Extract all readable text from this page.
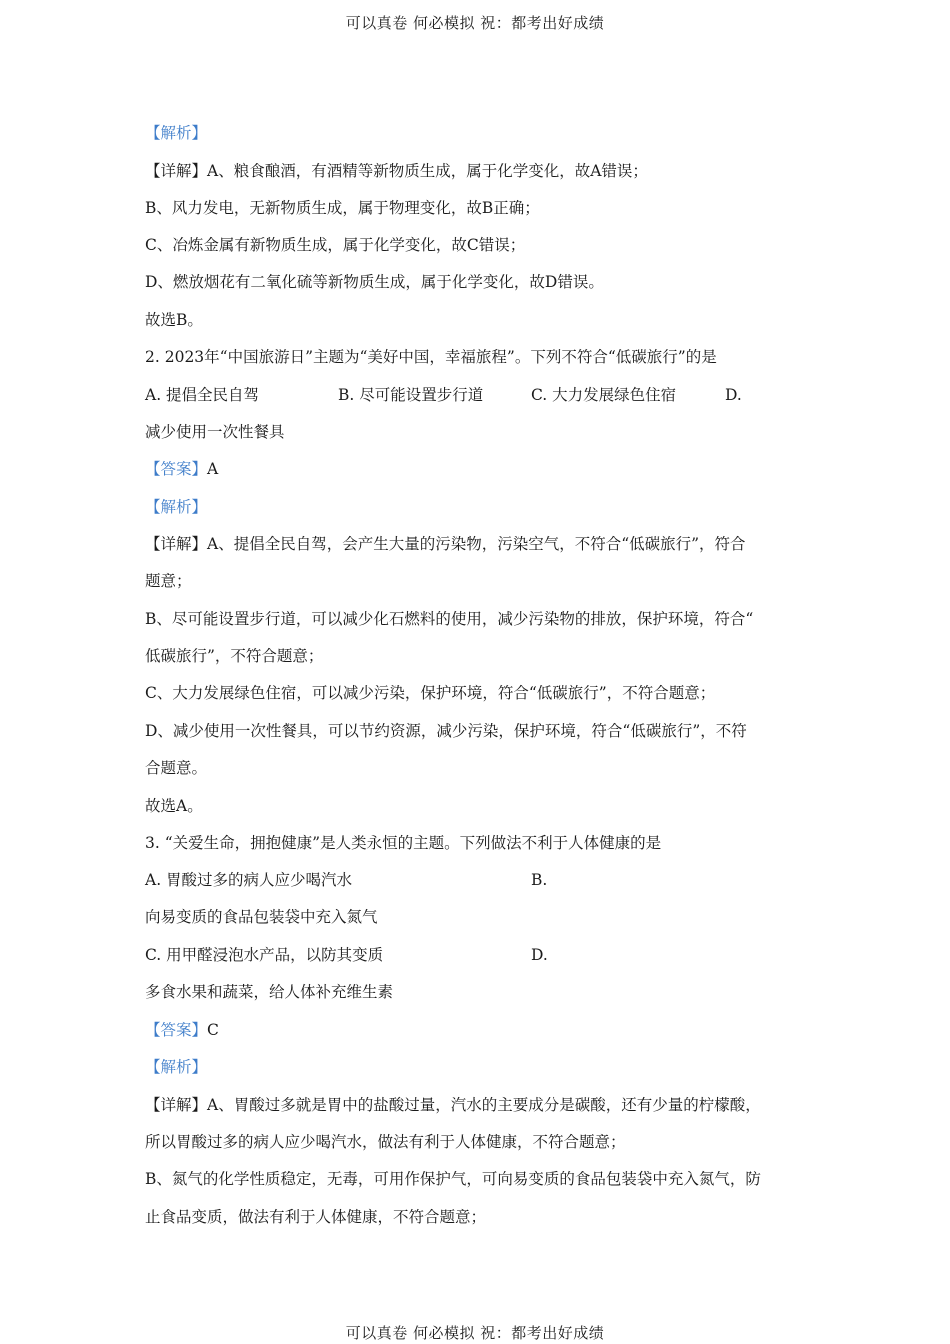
可以真卷 何必模拟 祝：都考出好成绩
【解析】
【详解】A、粮食酿酒，有酒精等新物质生成，属于化学变化，故A错误；
B、风力发电，无新物质生成，属于物理变化，故B正确；
C、冶炼金属有新物质生成，属于化学变化，故C错误；
D、燃放烟花有二氧化硫等新物质生成，属于化学变化，故D错误。
故选B。
2. 2023年“中国旅游日”主题为“美好中国，幸福旅程”。下列不符合“低碳旅行”的是
A. 提倡全民自驾	B. 尽可能设置步行道	C. 大力发展绿色住宿	D.
减少使用一次性餐具
【答案】A
【解析】
【详解】A、提倡全民自驾，会产生大量的污染物，污染空气，不符合“低碳旅行”，符合
题意；
B、尽可能设置步行道，可以减少化石燃料的使用，减少污染物的排放，保护环境，符合“
低碳旅行”，不符合题意；
C、大力发展绿色住宿，可以减少污染，保护环境，符合“低碳旅行”，不符合题意；
D、减少使用一次性餐具，可以节约资源，减少污染，保护环境，符合“低碳旅行”，不符
合题意。
故选A。
3. “关爱生命，拥抱健康”是人类永恒的主题。下列做法不利于人体健康的是
A. 胃酸过多的病人应少喝汽水	B.
向易变质的食品包装袋中充入氮气
C. 用甲醛浸泡水产品，以防其变质	D.
多食水果和蔬菜，给人体补充维生素
【答案】C
【解析】
【详解】A、胃酸过多就是胃中的盐酸过量，汽水的主要成分是碳酸，还有少量的柠檬酸，
所以胃酸过多的病人应少喝汽水，做法有利于人体健康，不符合题意；
B、氮气的化学性质稳定，无毒，可用作保护气，可向易变质的食品包装袋中充入氮气，防
止食品变质，做法有利于人体健康，不符合题意；
可以真卷 何必模拟 祝：都考出好成绩
